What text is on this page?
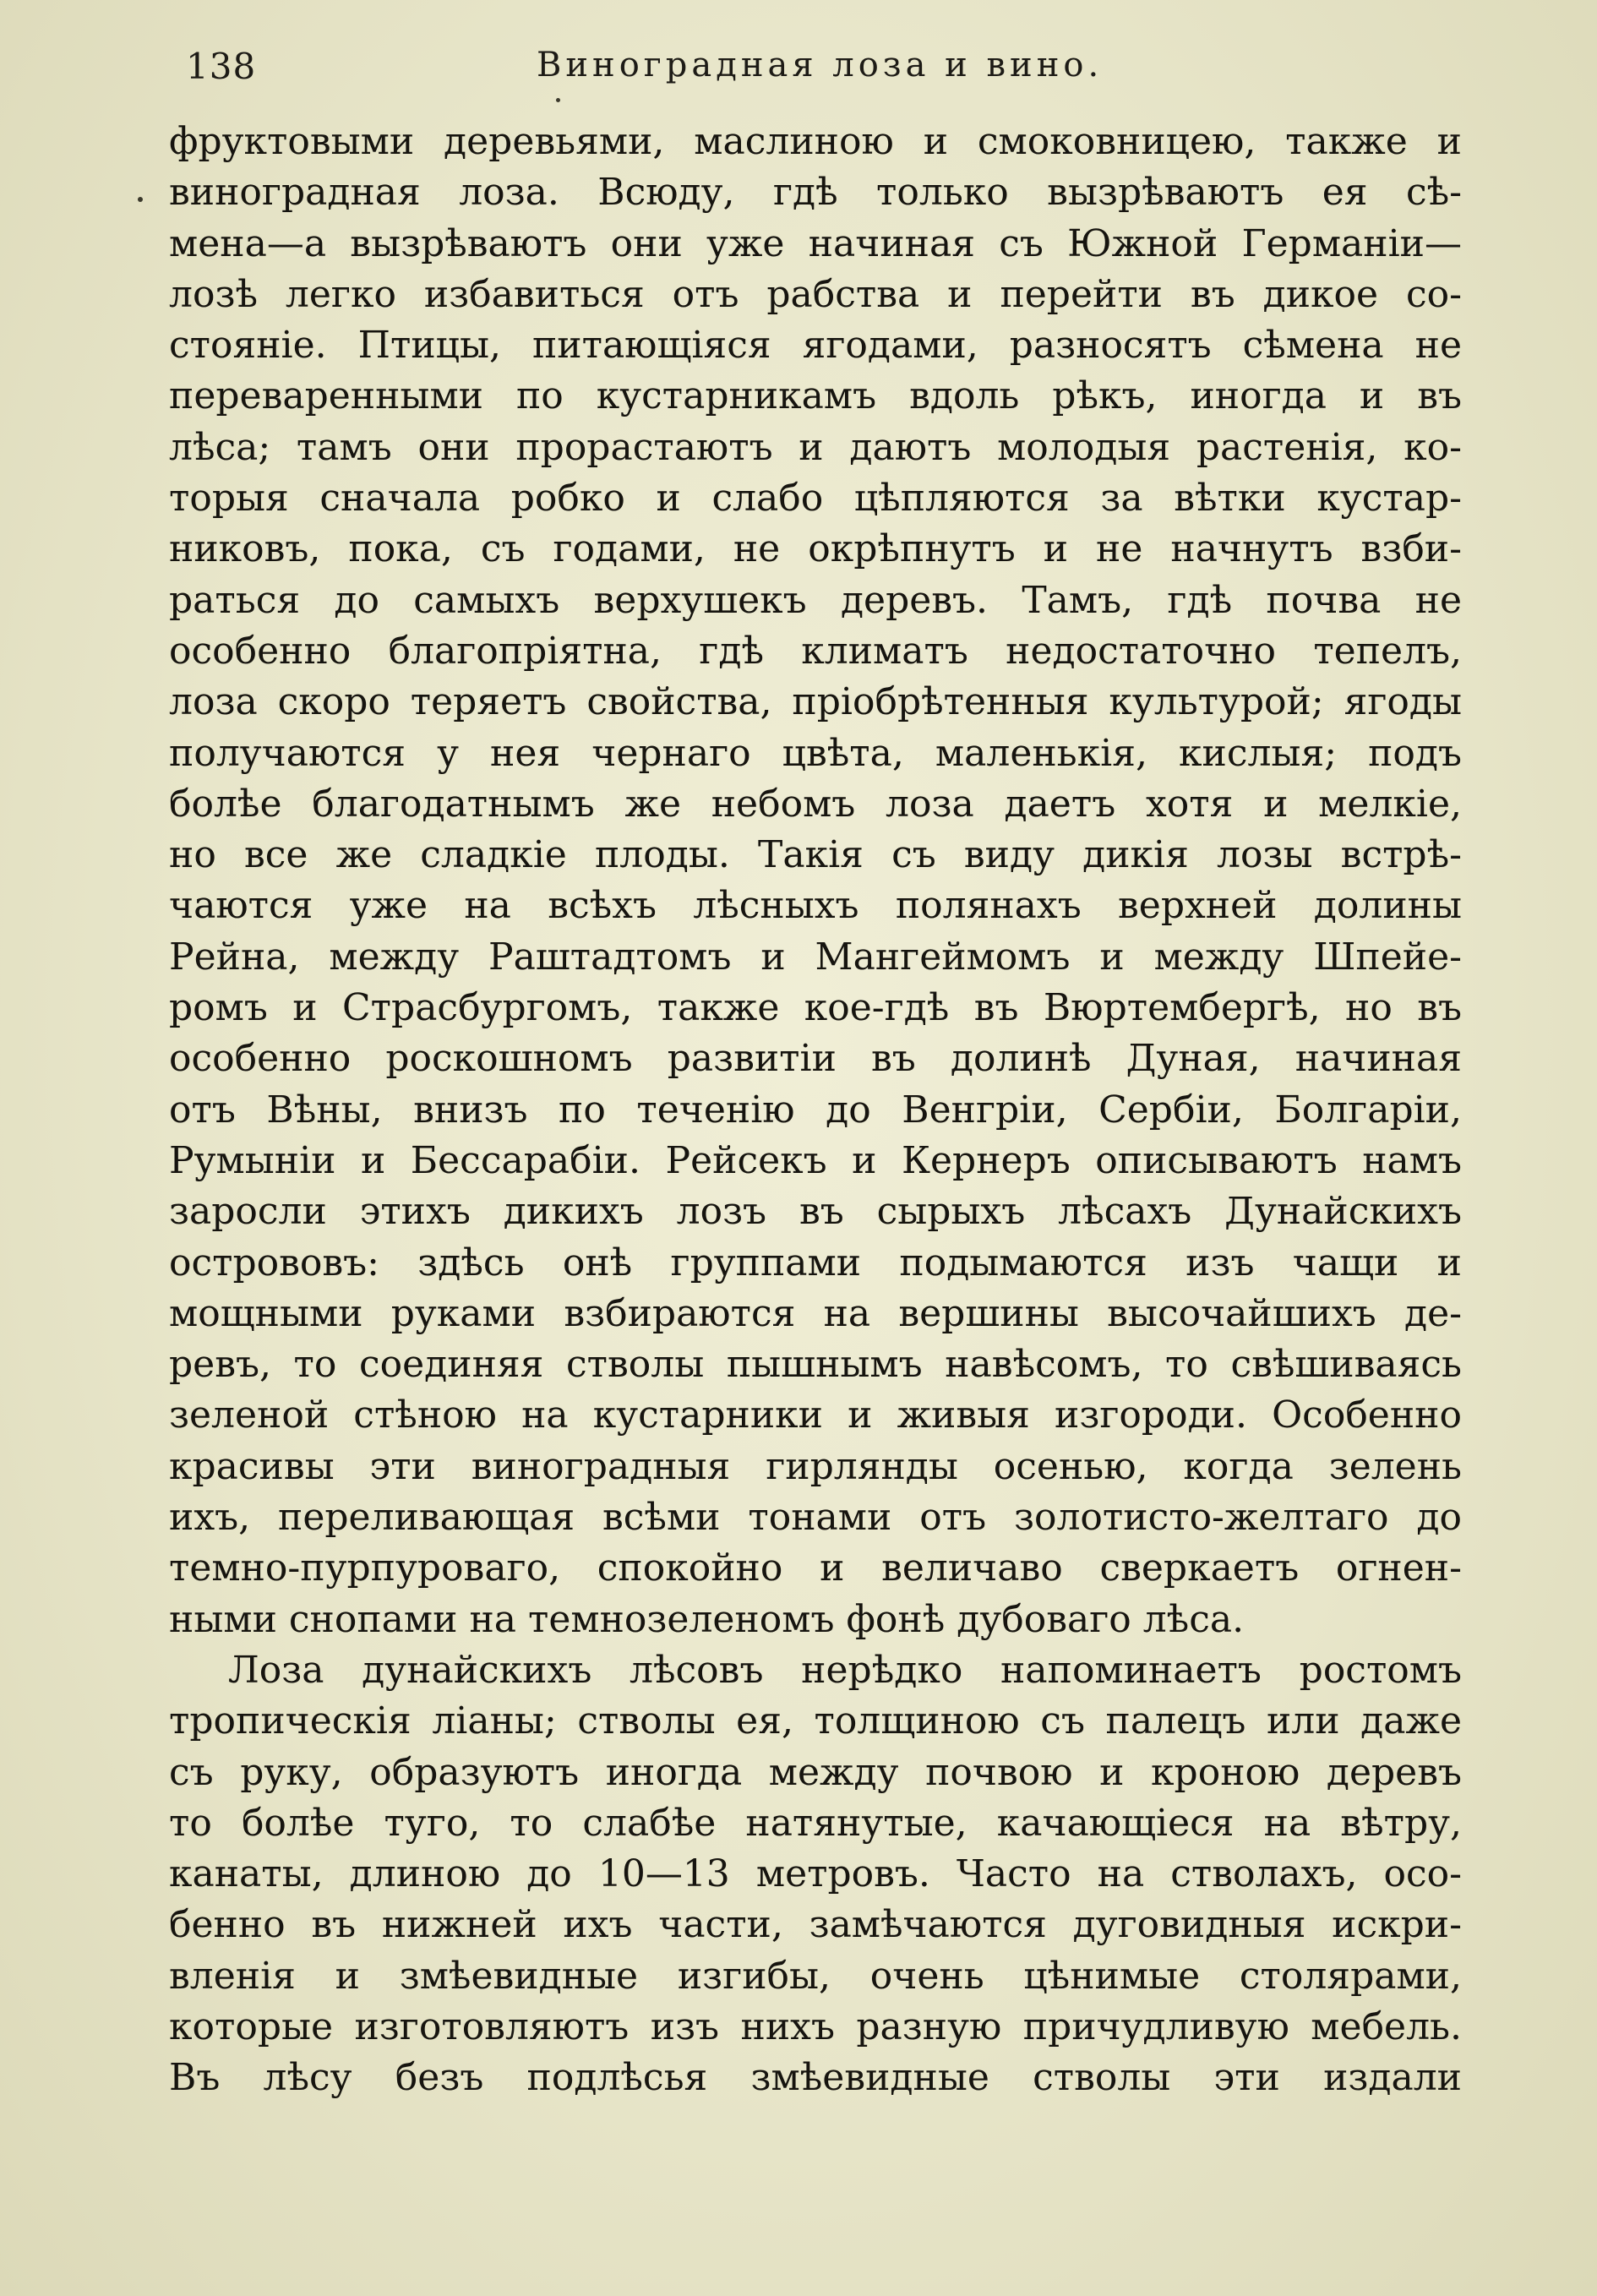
138	Виноградная лоза и вино.
фруктовыми деревьями, маслиною и смоковницею, также и
виноградная лоза. Всюду, гдѣ только вызрѣваютъ ея сѣ-
мена—а вызрѣваютъ они уже начиная съ Южной Германіи—
лозѣ легко избавиться отъ рабства и перейти въ дикое со-
стояніе. Птицы, питающіяся ягодами, разносятъ сѣмена не
переваренными по кустарникамъ вдоль рѣкъ, иногда и въ
лѣса; тамъ они прорастаютъ и даютъ молодыя растенія, ко-
торыя сначала робко и слабо цѣпляются за вѣтки кустар-
никовъ, пока, съ годами, не окрѣпнутъ и не начнутъ взби-
раться до самыхъ верхушекъ деревъ. Тамъ, гдѣ почва не
особенно благопріятна, гдѣ климатъ недостаточно тепелъ,
лоза скоро теряетъ свойства, пріобрѣтенныя культурой; ягоды
получаются у нея чернаго цвѣта, маленькія, кислыя; подъ
болѣе благодатнымъ же небомъ лоза даетъ хотя и мелкіе,
но все же сладкіе плоды. Такія съ виду дикія лозы встрѣ-
чаются уже на всѣхъ лѣсныхъ полянахъ верхней долины
Рейна, между Раштадтомъ и Мангеймомъ и между Шпейе-
ромъ и Страсбургомъ, также кое-гдѣ въ Вюртембергѣ, но въ
особенно роскошномъ развитіи въ долинѣ Дуная, начиная
отъ Вѣны, внизъ по теченію до Венгріи, Сербіи, Болгаріи,
Румыніи и Бессарабіи. Рейсекъ и Кернеръ описываютъ намъ
заросли этихъ дикихъ лозъ въ сырыхъ лѣсахъ Дунайскихъ
острововъ: здѣсь онѣ группами подымаются изъ чащи и
мощными руками взбираются на вершины высочайшихъ де-
ревъ, то соединяя стволы пышнымъ навѣсомъ, то свѣшиваясь
зеленой стѣною на кустарники и живыя изгороди. Особенно
красивы эти виноградныя гирлянды осенью, когда зелень
ихъ, переливающая всѣми тонами отъ золотисто-желтаго до
темно-пурпуроваго, спокойно и величаво сверкаетъ огнен-
ными снопами на темнозеленомъ фонѣ дубоваго лѣса.
Лоза дунайскихъ лѣсовъ нерѣдко напоминаетъ ростомъ
тропическія ліаны; стволы ея, толщиною съ палецъ или даже
съ руку, образуютъ иногда между почвою и кроною деревъ
то болѣе туго, то слабѣе натянутые, качающіеся на вѣтру,
канаты, длиною до 10—13 метровъ. Часто на стволахъ, осо-
бенно въ нижней ихъ части, замѣчаются дуговидныя искри-
вленія и змѣевидные изгибы, очень цѣнимые столярами,
которые изготовляютъ изъ нихъ разную причудливую мебель.
Въ лѣсу безъ подлѣсья змѣевидные стволы эти издали
